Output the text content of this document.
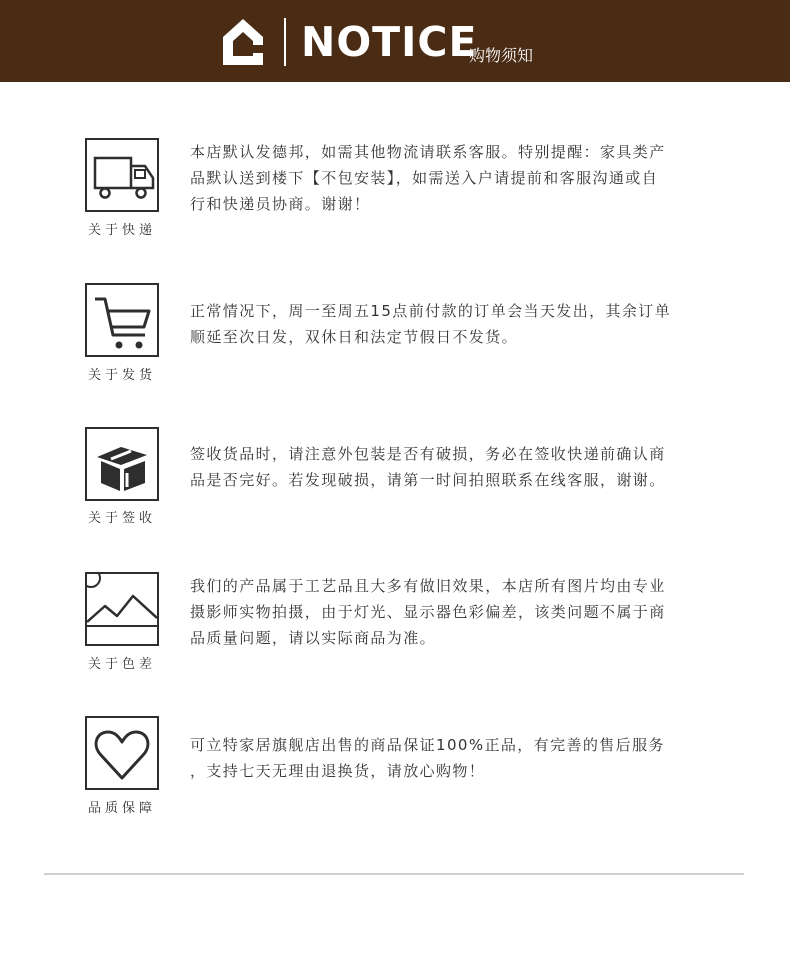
NOTICE
购物须知
关于快递
本店默认发德邦，如需其他物流请联系客服。特别提醒：家具类产
品默认送到楼下【不包安装】，如需送入户请提前和客服沟通或自
行和快递员协商。谢谢！
关于发货
正常情况下，周一至周五15点前付款的订单会当天发出，其余订单
顺延至次日发，双休日和法定节假日不发货。
关于签收
签收货品时，请注意外包装是否有破损，务必在签收快递前确认商
品是否完好。若发现破损，请第一时间拍照联系在线客服，谢谢。
关于色差
我们的产品属于工艺品且大多有做旧效果，本店所有图片均由专业
摄影师实物拍摄，由于灯光、显示器色彩偏差，该类问题不属于商
品质量问题，请以实际商品为准。
品质保障
可立特家居旗舰店出售的商品保证100%正品，有完善的售后服务
，支持七天无理由退换货，请放心购物！
